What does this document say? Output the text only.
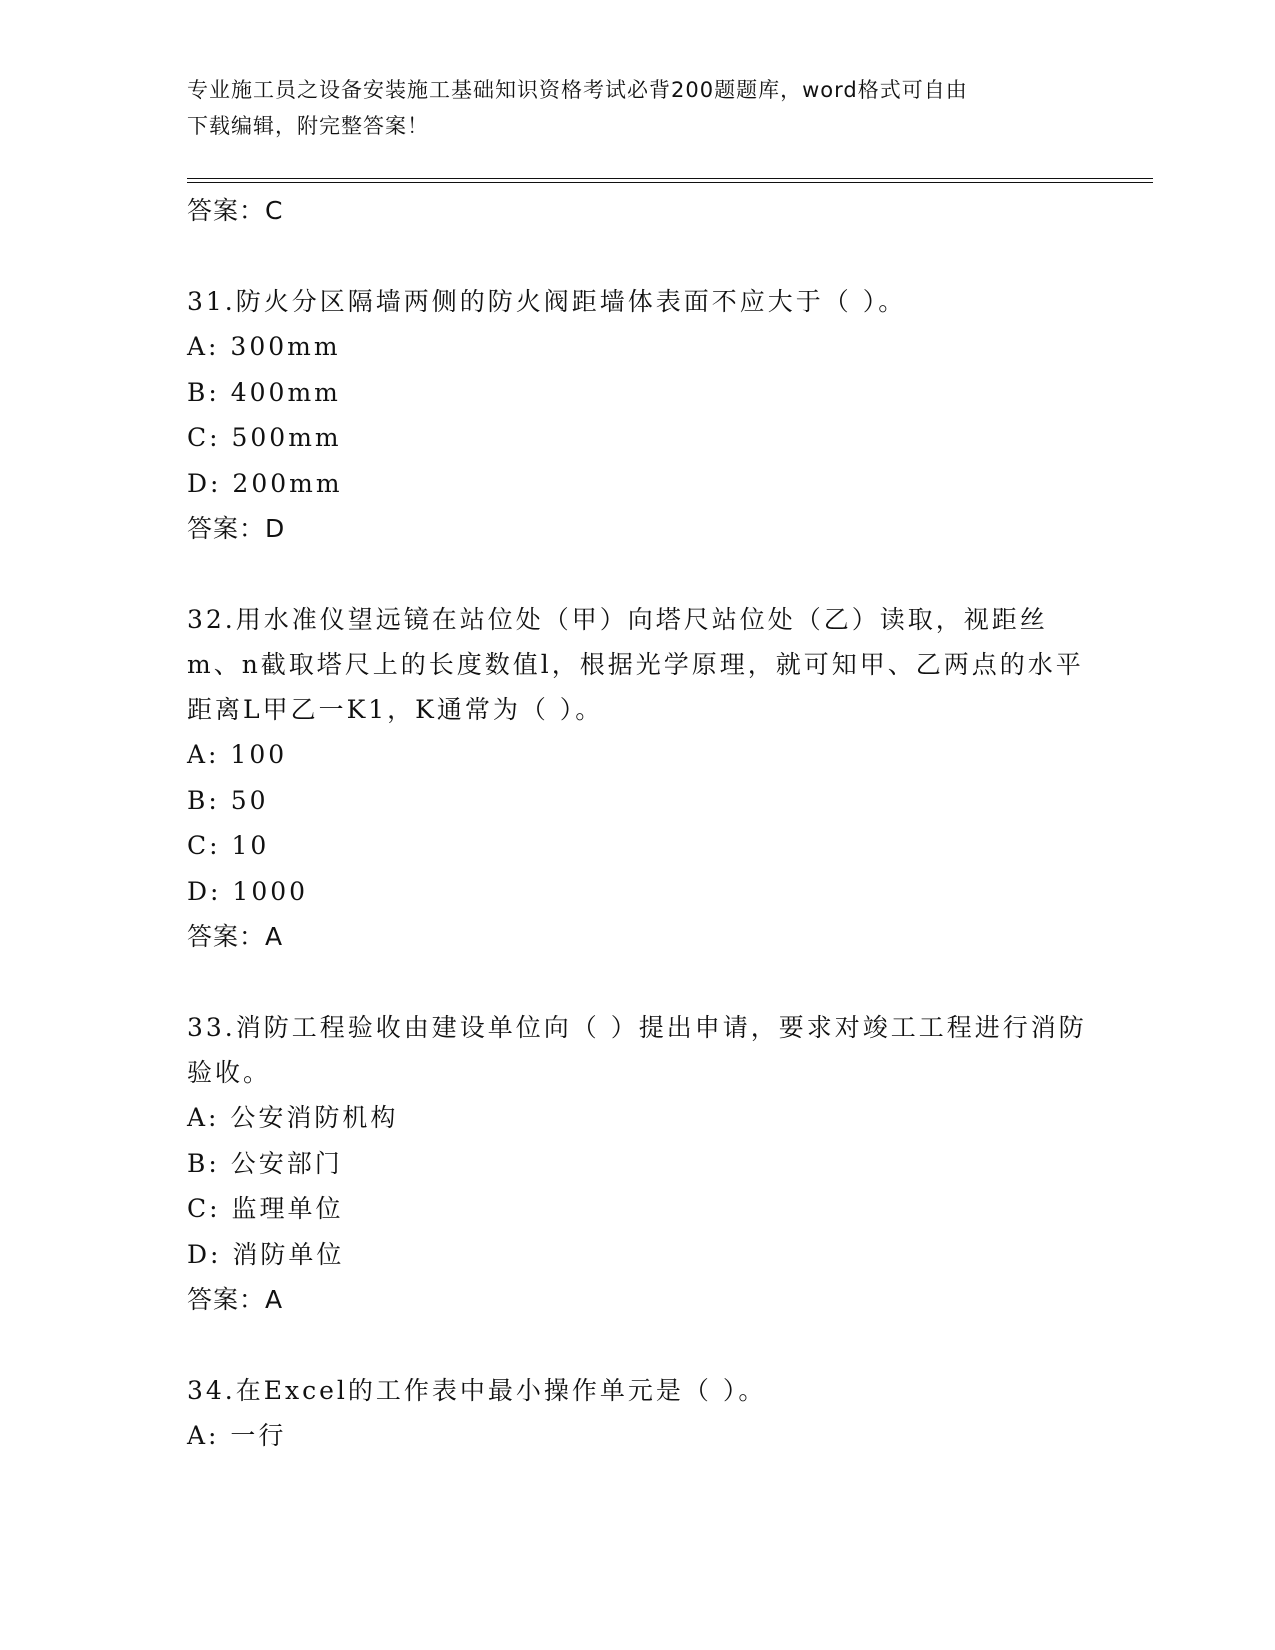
专业施工员之设备安装施工基础知识资格考试必背200题题库，word格式可自由
下载编辑，附完整答案！
答案：C
31.防火分区隔墙两侧的防火阀距墙体表面不应大于（ ）。
A: 300mm
B: 400mm
C: 500mm
D: 200mm
答案：D
32.用水准仪望远镜在站位处（甲）向塔尺站位处（乙）读取，视距丝m、n截取塔尺上的长度数值l，根据光学原理，就可知甲、乙两点的水平距离L甲乙一K1，K通常为（ ）。
A: 100
B: 50
C: 10
D: 1000
答案：A
33.消防工程验收由建设单位向（ ）提出申请，要求对竣工工程进行消防验收。
A: 公安消防机构
B: 公安部门
C: 监理单位
D: 消防单位
答案：A
34.在Excel的工作表中最小操作单元是（ ）。
A: 一行
